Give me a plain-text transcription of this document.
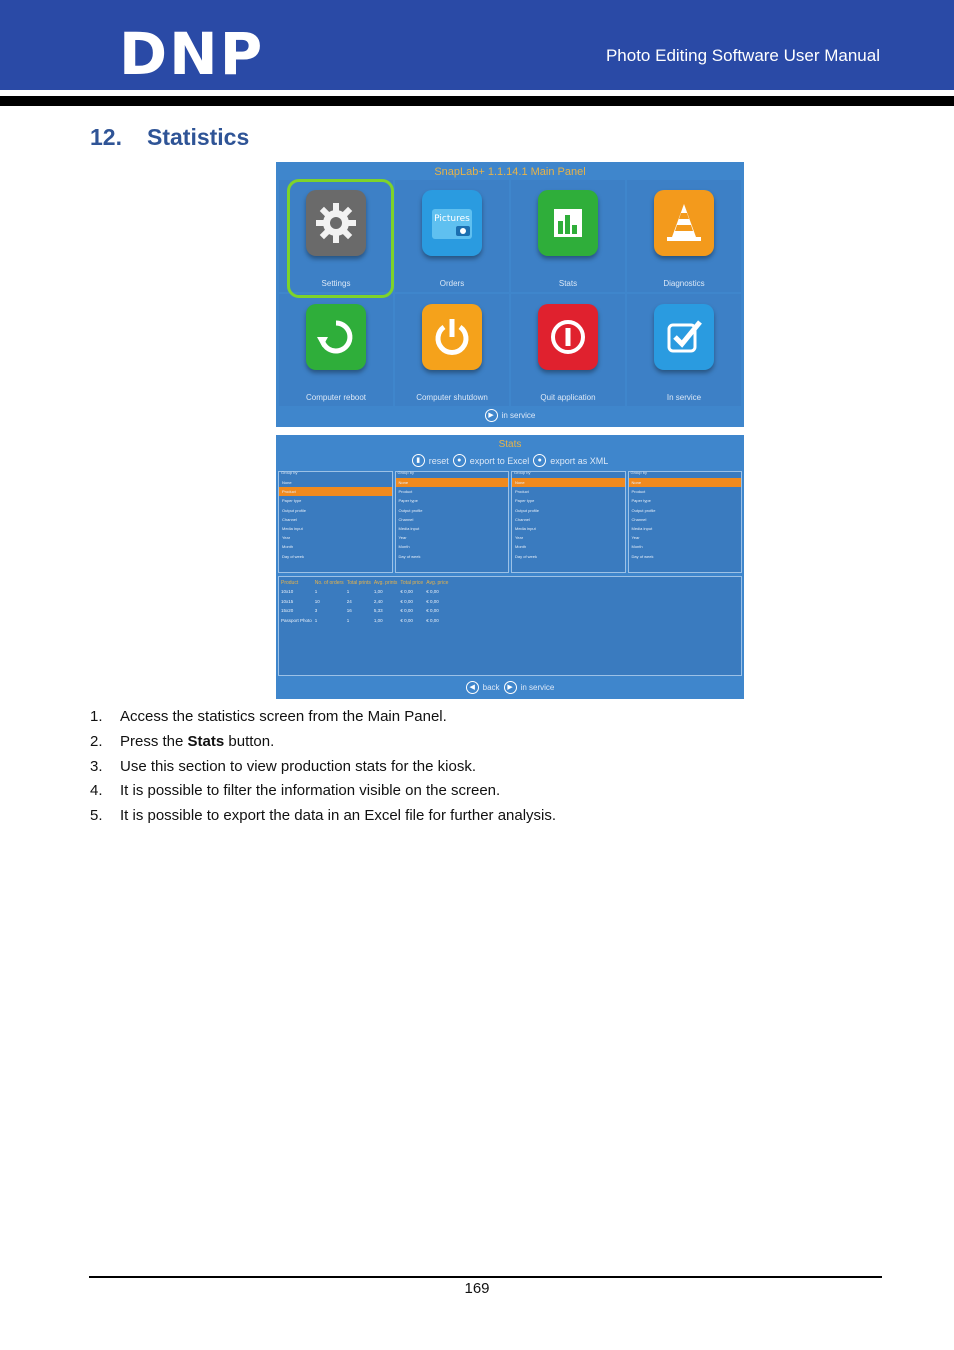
D N P	Photo Editing Software User Manual
12. Statistics
SnapLab+ 1.1.14.1 Main Panel
Settings
Pictures
Orders	Stats	Diagnostics
Computer reboot	Computer shutdown	Quit application	In service
▶ in service
Stats
▮ reset	● export to Excel	● export as XML
Group by
None
Product
Paper type
Output profile
Channel
Media input
Year
Month
Day of week
Group by
None
Product
Paper type
Output profile
Channel
Media input
Year
Month
Day of week
Group by
None
Product
Paper type
Output profile
Channel
Media input
Year
Month
Day of week
Group by
None
Product
Paper type
Output profile
Channel
Media input
Year
Month
Day of week
Product	No. of orders	Total prints	Avg. prints	Total price	Avg. price
10x10	1	1	1,00	€ 0,00	€ 0,00
10x15	10	24	2,40	€ 0,00	€ 0,00
15x20	3	16	5,33	€ 0,00	€ 0,00
Passport Photo	1	1	1,00	€ 0,00	€ 0,00
◀ back	▶ in service
1.	Access the statistics screen from the Main Panel.
2.	Press the Stats button.
3.	Use this section to view production stats for the kiosk.
4.	It is possible to filter the information visible on the screen.
5.	It is possible to export the data in an Excel file for further analysis.
169
